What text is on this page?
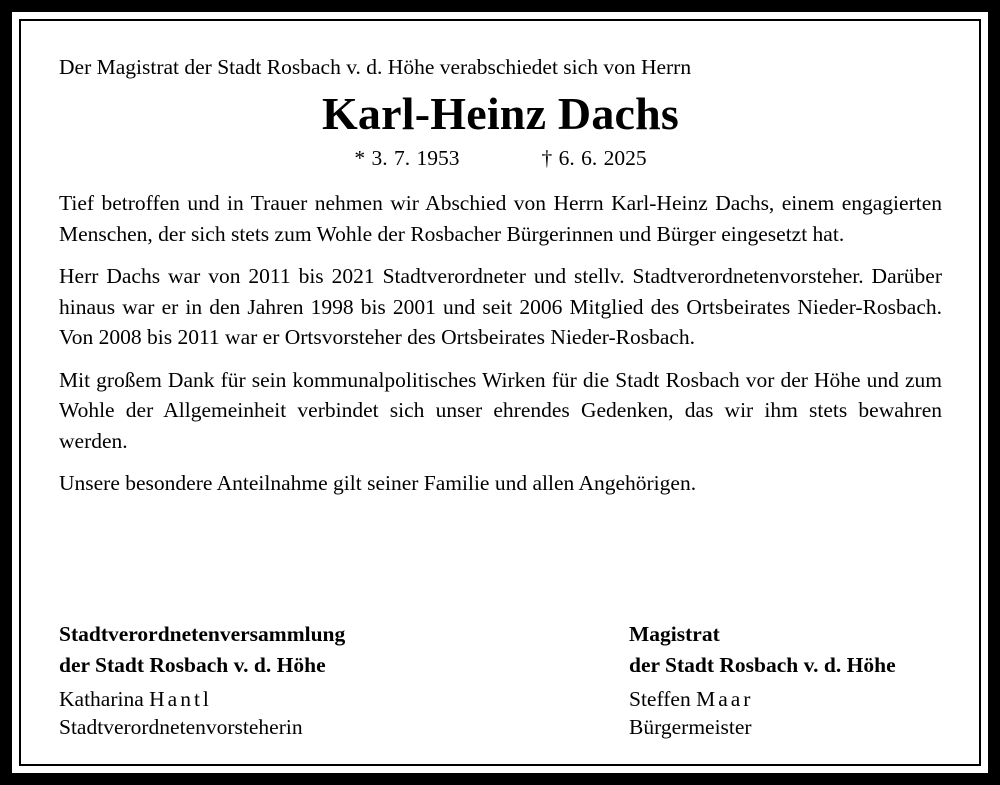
Der Magistrat der Stadt Rosbach v. d. Höhe verabschiedet sich von Herrn

Karl-Heinz Dachs

* 3. 7. 1953	† 6. 6. 2025

Tief betroffen und in Trauer nehmen wir Abschied von Herrn Karl-Heinz Dachs, einem engagierten Menschen, der sich stets zum Wohle der Rosbacher Bürgerinnen und Bürger eingesetzt hat.

Herr Dachs war von 2011 bis 2021 Stadtverordneter und stellv. Stadtverordnetenvorsteher. Darüber hinaus war er in den Jahren 1998 bis 2001 und seit 2006 Mitglied des Ortsbeirates Nieder-Rosbach. Von 2008 bis 2011 war er Ortsvorsteher des Ortsbeirates Nieder-Rosbach.

Mit großem Dank für sein kommunalpolitisches Wirken für die Stadt Rosbach vor der Höhe und zum Wohle der Allgemeinheit verbindet sich unser ehrendes Gedenken, das wir ihm stets bewahren werden.

Unsere besondere Anteilnahme gilt seiner Familie und allen Angehörigen.

Stadtverordnetenversammlung

der Stadt Rosbach v. d. Höhe

Katharina Hantl

Stadtverordnetenvorsteherin

Magistrat

der Stadt Rosbach v. d. Höhe

Steffen Maar

Bürgermeister
